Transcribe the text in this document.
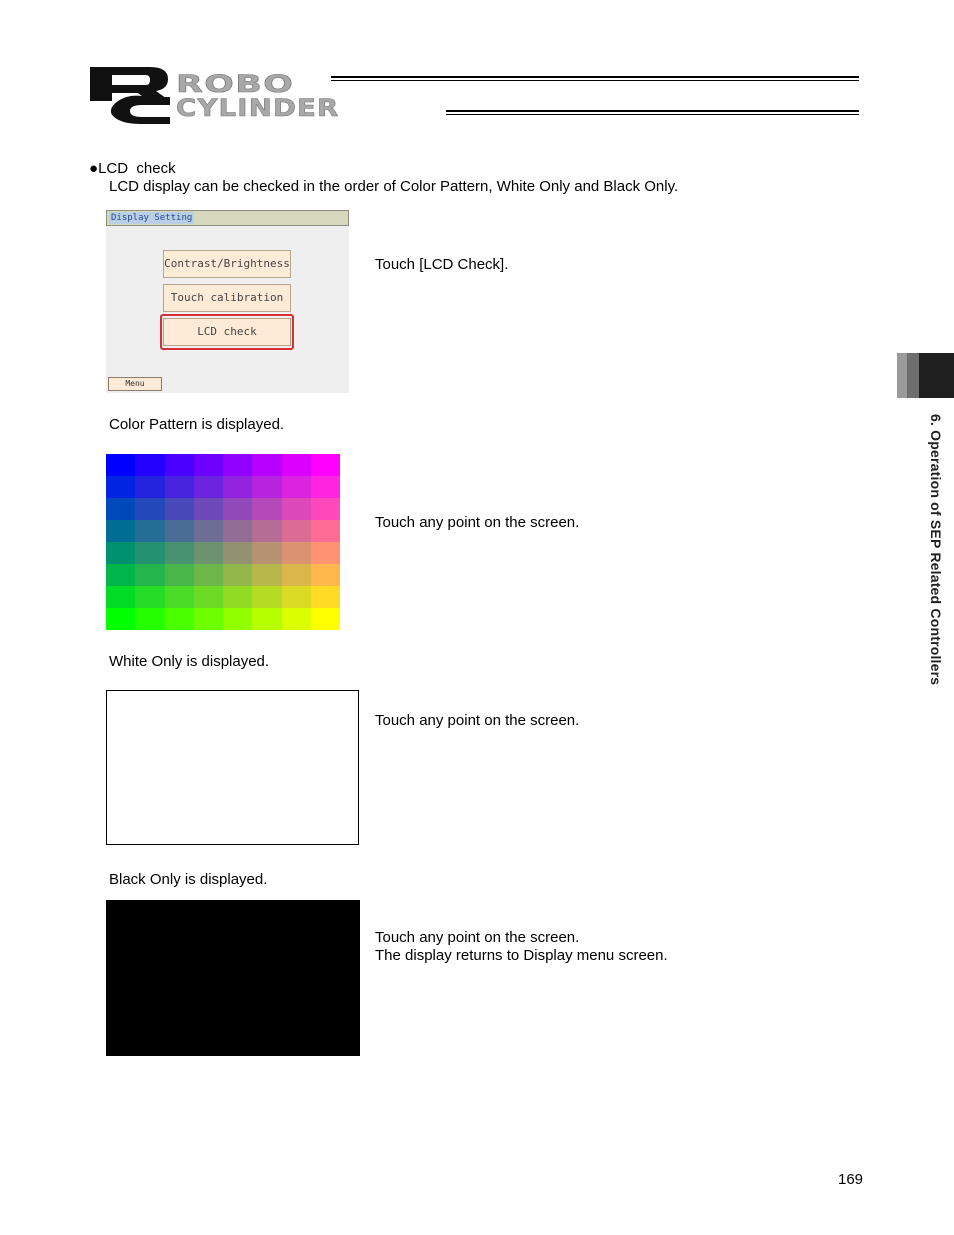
ROBO
CYLINDER
●LCD  check
LCD display can be checked in the order of Color Pattern, White Only and Black Only.
Display Setting
Contrast/Brightness
Touch calibration
LCD check
Menu
Touch [LCD Check].
Color Pattern is displayed.
Touch any point on the screen.
White Only is displayed.
Touch any point on the screen.
Black Only is displayed.
Touch any point on the screen.
The display returns to Display menu screen.
6. Operation of SEP Related Controllers
169
